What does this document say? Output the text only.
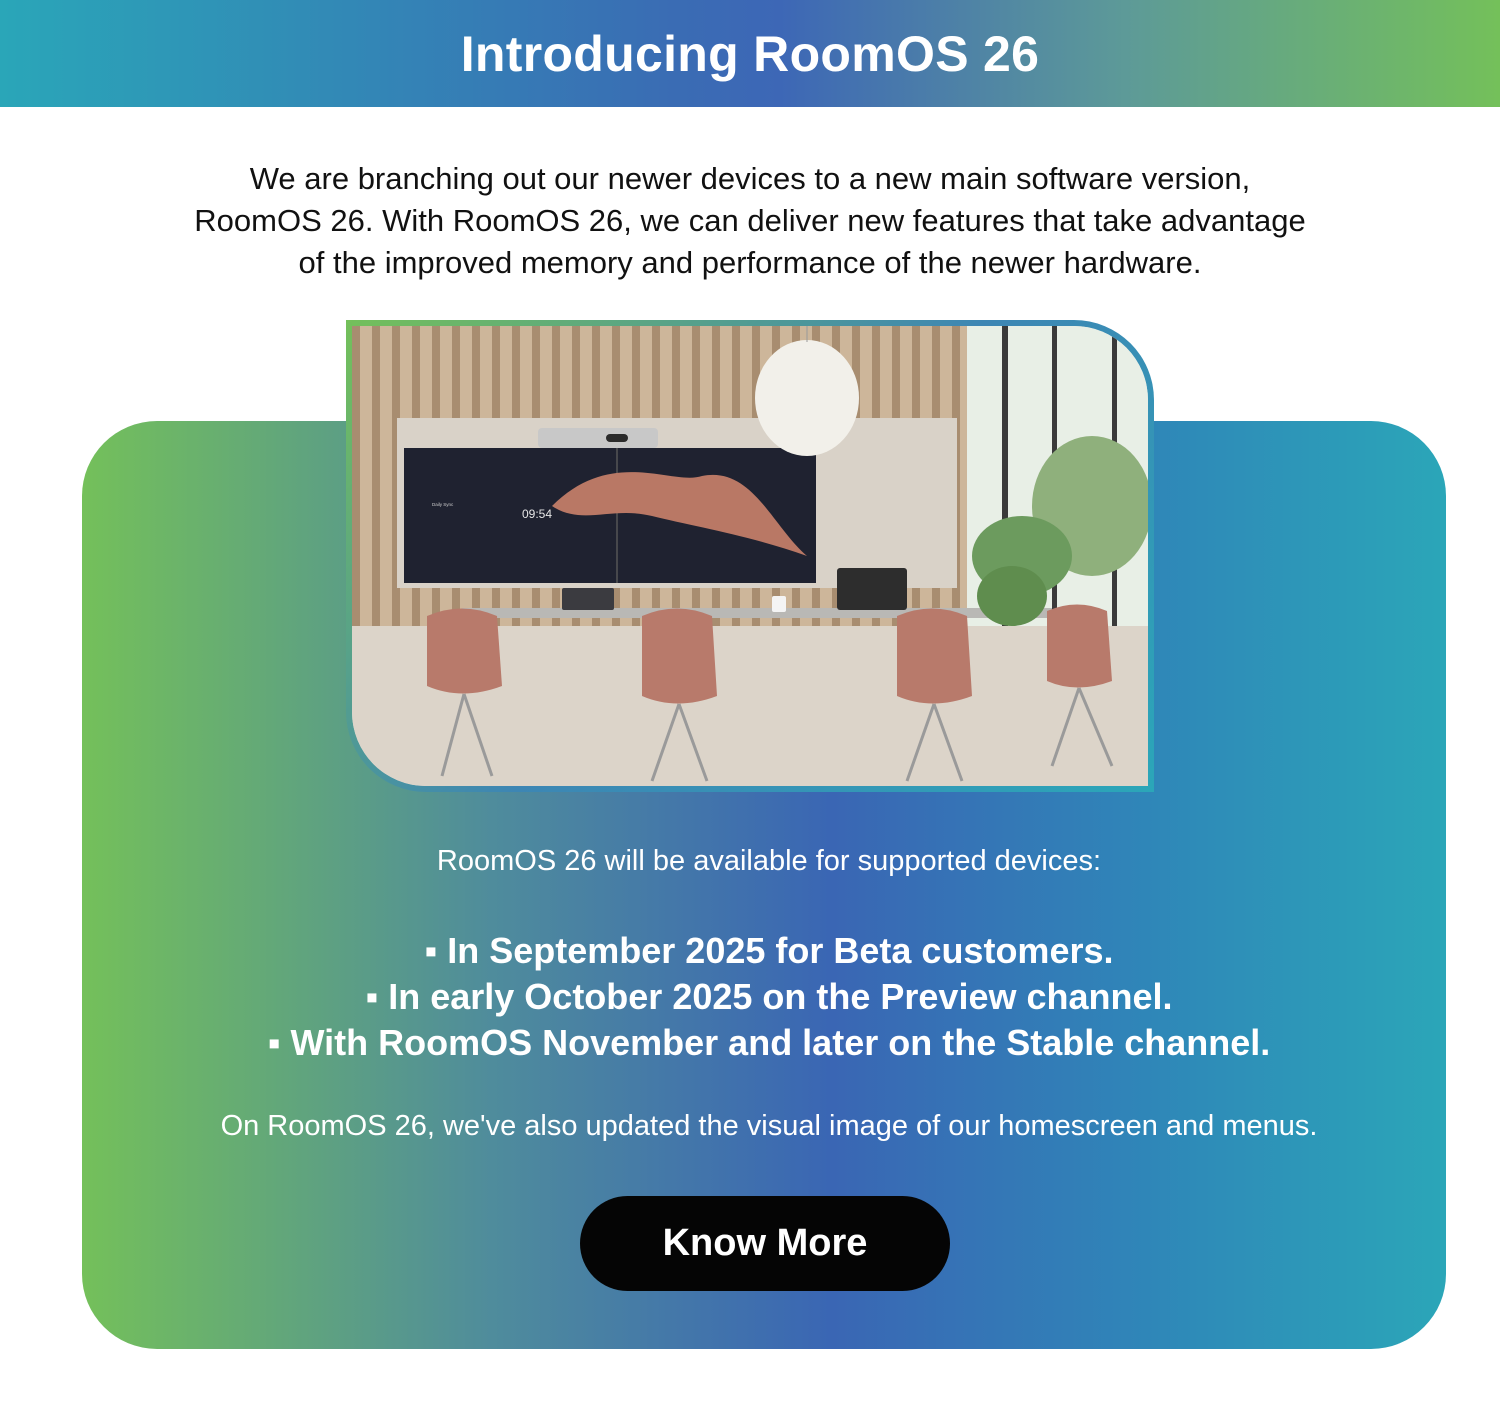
Introducing RoomOS 26

We are branching out our newer devices to a new main software version,

RoomOS 26. With RoomOS 26, we can deliver new features that take advantage

of the improved memory and performance of the newer hardware.

09:54
Daily Sync
RoomOS 26 will be available for supported devices:
▪ In September 2025 for Beta customers.
▪ In early October 2025 on the Preview channel.
▪ With RoomOS November and later on the Stable channel.
On RoomOS 26, we've also updated the visual image of our homescreen and menus.
Know More
